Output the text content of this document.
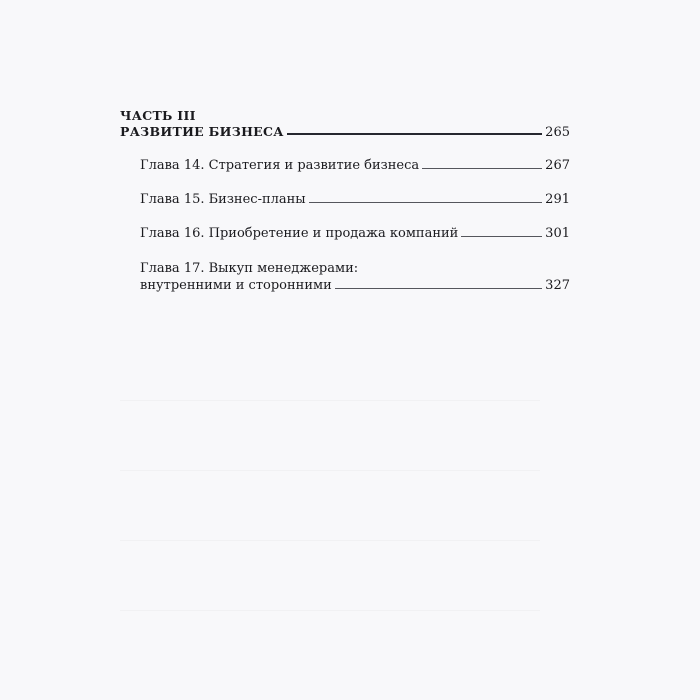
ЧАСТЬ III
РАЗВИТИЕ БИЗНЕСА	265
Глава 14. Стратегия и развитие бизнеса	267
Глава 15. Бизнес-планы	291
Глава 16. Приобретение и продажа компаний	301
Глава 17. Выкуп менеджерами:
внутренними и сторонними	327
